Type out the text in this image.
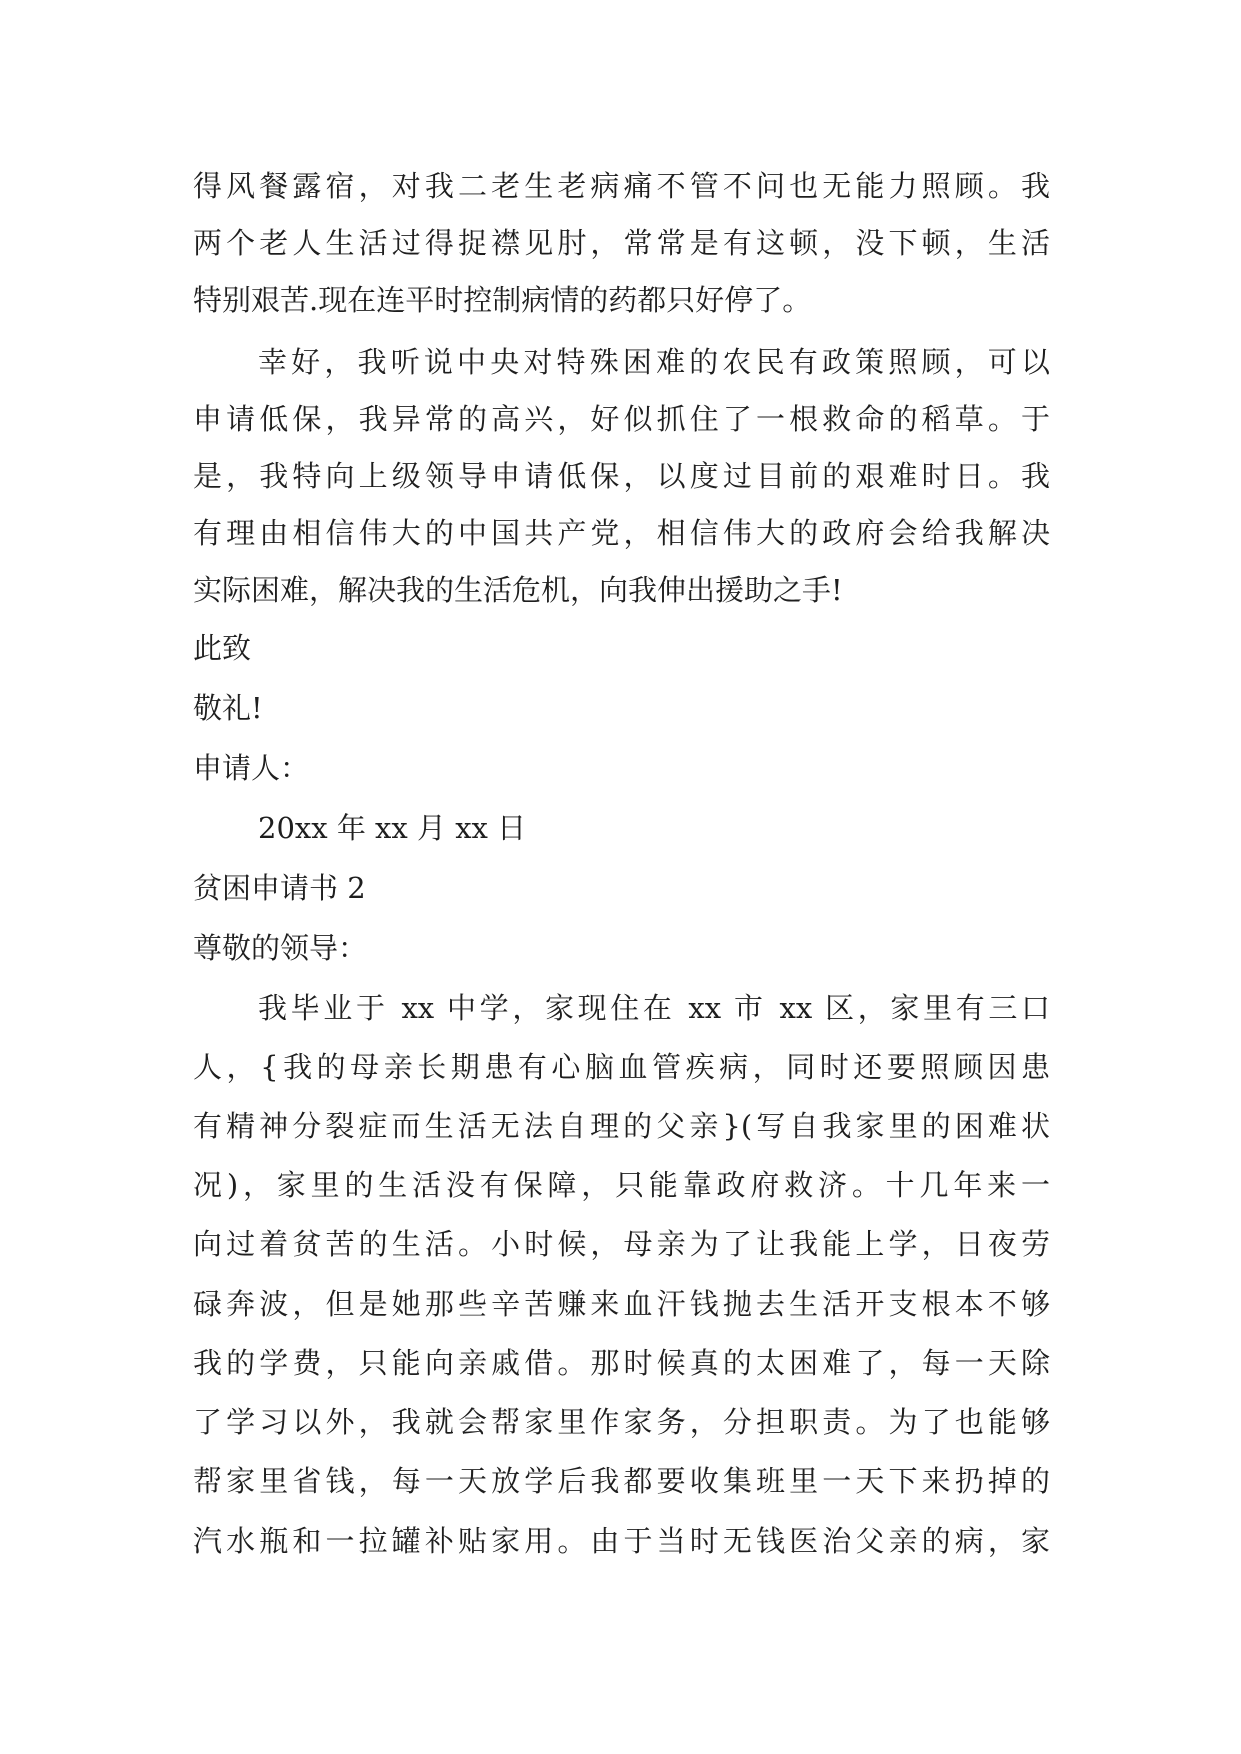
得风餐露宿，对我二老生老病痛不管不问也无能力照顾。我
两个老人生活过得捉襟见肘，常常是有这顿，没下顿，生活
特别艰苦.现在连平时控制病情的药都只好停了。
幸好，我听说中央对特殊困难的农民有政策照顾，可以
申请低保，我异常的高兴，好似抓住了一根救命的稻草。于
是，我特向上级领导申请低保，以度过目前的艰难时日。我
有理由相信伟大的中国共产党，相信伟大的政府会给我解决
实际困难，解决我的生活危机，向我伸出援助之手!
此致
敬礼!
申请人：
20xx 年 xx 月 xx 日
贫困申请书 2
尊敬的领导：
我毕业于 xx 中学，家现住在 xx 市 xx 区，家里有三口
人，{我的母亲长期患有心脑血管疾病，同时还要照顾因患
有精神分裂症而生活无法自理的父亲}(写自我家里的困难状
况)，家里的生活没有保障，只能靠政府救济。十几年来一
向过着贫苦的生活。小时候，母亲为了让我能上学，日夜劳
碌奔波，但是她那些辛苦赚来血汗钱抛去生活开支根本不够
我的学费，只能向亲戚借。那时候真的太困难了，每一天除
了学习以外，我就会帮家里作家务，分担职责。为了也能够
帮家里省钱，每一天放学后我都要收集班里一天下来扔掉的
汽水瓶和一拉罐补贴家用。由于当时无钱医治父亲的病，家
